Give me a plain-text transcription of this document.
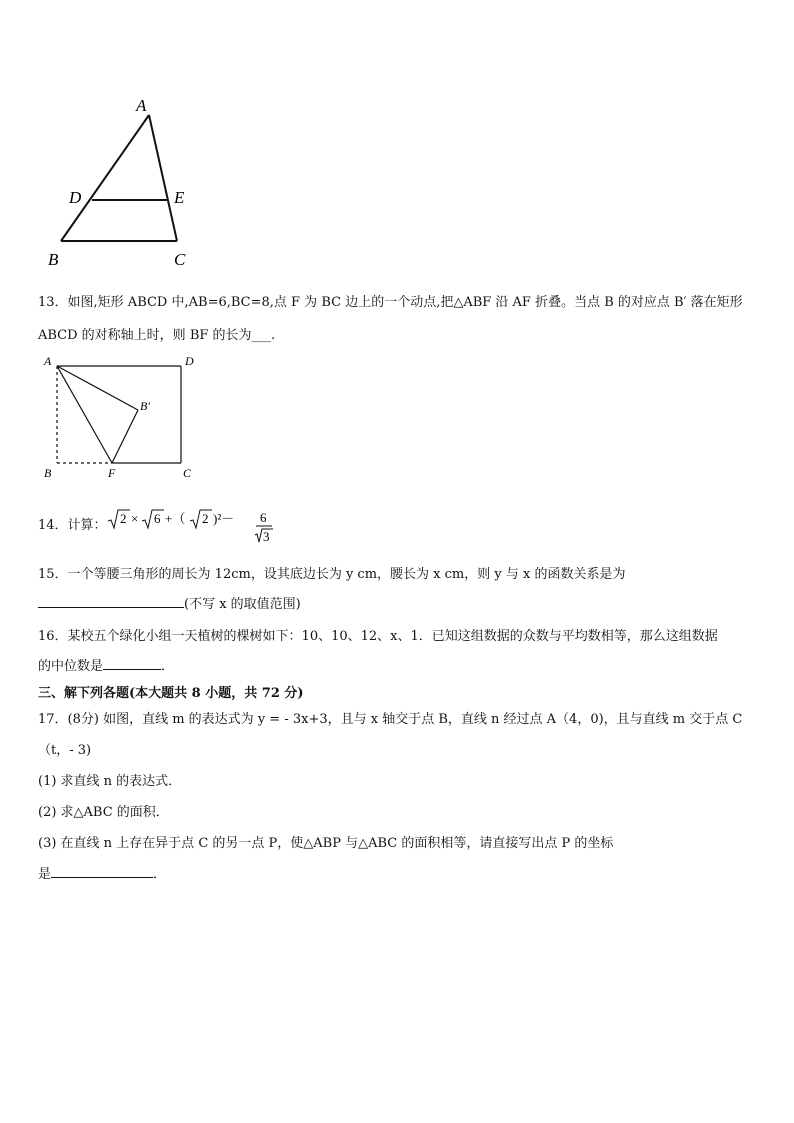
A
D	E
B	C
13．如图,矩形 ABCD 中,AB=6,BC=8,点 F 为 BC 边上的一个动点,把△ABF 沿 AF 折叠。当点 B 的对应点 B′ 落在矩形
ABCD 的对称轴上时，则 BF 的长为___.
A	D
B′
B	F	C
14．计算： 2 × 6 +（ 2 )²－ 6
3
15．一个等腰三角形的周长为 12cm，设其底边长为 y cm，腰长为 x cm，则 y 与 x 的函数关系是为
(不写 x 的取值范围)
16．某校五个绿化小组一天植树的棵树如下：10、10、12、x、1．已知这组数据的众数与平均数相等，那么这组数据
的中位数是	．
三、解下列各题(本大题共 8 小题，共 72 分)
17．(8分) 如图，直线 m 的表达式为 y = - 3x+3，且与 x 轴交于点 B，直线 n 经过点 A（4，0)，且与直线 m 交于点 C
（t，- 3)
(1) 求直线 n 的表达式．
(2) 求△ABC 的面积．
(3) 在直线 n 上存在异于点 C 的另一点 P，使△ABP 与△ABC 的面积相等，请直接写出点 P 的坐标
是	．
